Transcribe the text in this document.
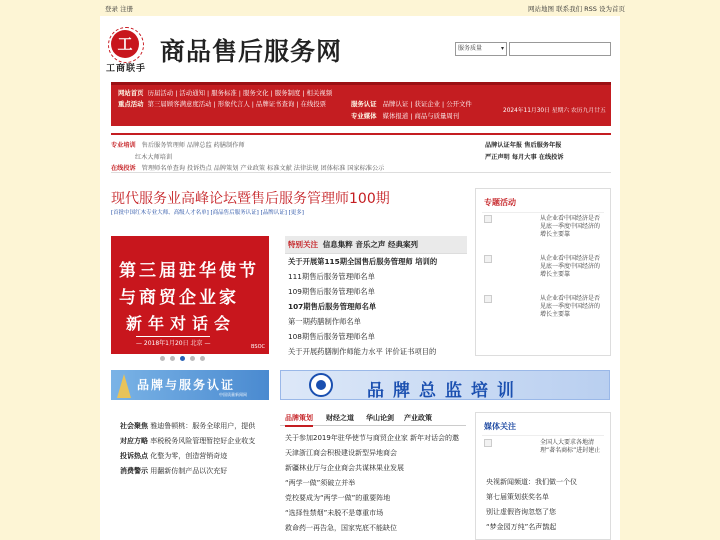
登录 注册	网站地图 联系我们 RSS 设为首页
工
工商联手
商品售后服务网	服务质量 ▾
网站首页 历届活动 | 活动通知 | 服务标准 | 服务文化 | 服务制度 | 相关视频
重点活动 第三届顾客满意度活动 | 形象代言人 | 品牌证书查询 | 在线投票	服务认证 品牌认证 | 获证企业 | 公开文件
专业媒体 媒体报道 | 商品与质量周刊
2024年11月30日 星期六 农历九月廿五
专业培训 售后服务管理师 品牌总监 药膳制作师
红木大师培训
在线投诉 管理师名单查询 投诉热点 品牌策划 产业政策 标准文献 法律法规 团体标准 国家标准公示
品牌认证年报 售后服务年报
严正声明 每月大事 在线投诉
现代服务业高峰论坛暨售后服务管理师100期
[首批中国红木专业大师、高级人才名单] [商品售后服务认证] [品牌认证] [更多]
第三届驻华使节
与商贸企业家
新年对话会
— 2018年1月20日 北京 —	BSOC
特别关注 信息集粹 音乐之声 经典案列
关于开展第115期全国售后服务管理师 培训的
111期售后服务管理师名单
109期售后服务管理师名单
107期售后服务管理师名单
第一期药膳制作师名单
108期售后服务管理师名单
关于开展药膳制作师能力水平 评价证书项目的
专题活动
从企业看中国经济是否见底一季度中国经济的增长主要靠
从企业看中国经济是否见底一季度中国经济的增长主要靠
从企业看中国经济是否见底一季度中国经济的增长主要靠
品牌与服务认证
中国质量新闻网	品牌总监培训
社会聚焦 雅迪鲁顿桃：服务全球用户，提供
对应方略 率税税务风险管理暂控好企业收支
投诉热点 化整为零，创造营销奇迹
消费警示 用翻新仿制产品以次充好
品牌策划 财经之道 华山论剑 产业政策
关于参加2019年驻华使节与商贸企业家 新年对话会的邀
天津浙江商会积极建设新型异地商会
新疆林业厅与企业商会共谋林果业发展
“两学一做”须破立并举
党校要成为“两学一做”的重要阵地
“选择性禁烟”未脱不是尊重市场
救命药一再告急，国家宪底不能缺位
媒体关注
全国人大要求各地清理“著名商标”进封建止
央视新闻频道：我们做一个仪
第七届策划获奖名单
别让虚假咨询忽悠了您
“梦金园万纯”名声鹊起
